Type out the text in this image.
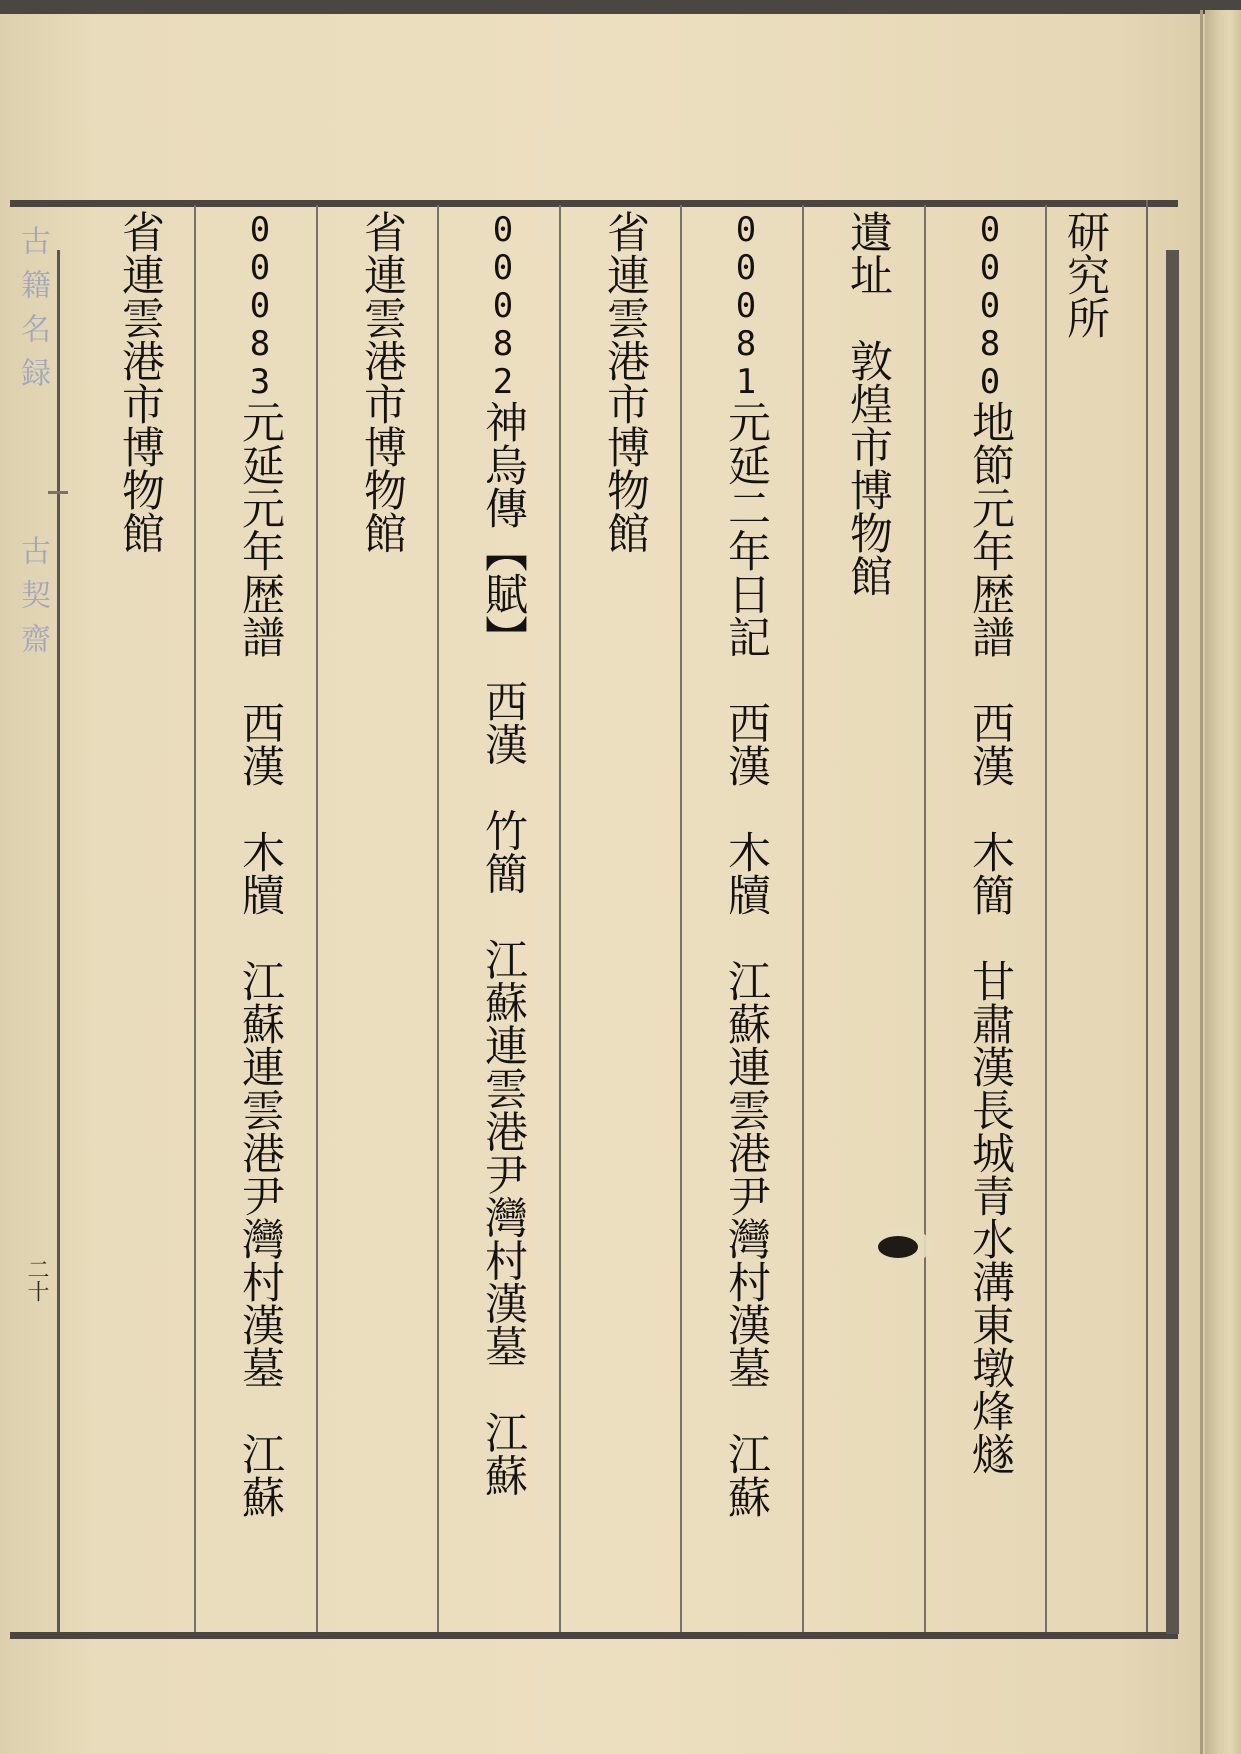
研究所
00080地節元年歴譜　西漢　木簡　甘肅漢長城青水溝東墩烽燧
遺址　敦煌市博物館
00081元延二年日記　西漢　木牘　江蘇連雲港尹灣村漢墓　江蘇
省連雲港市博物館
00082神烏傳【賦】　西漢　竹簡　江蘇連雲港尹灣村漢墓　江蘇
省連雲港市博物館
00083元延元年歴譜　西漢　木牘　江蘇連雲港尹灣村漢墓　江蘇
省連雲港市博物館
古籍名録
古契齋
二十
